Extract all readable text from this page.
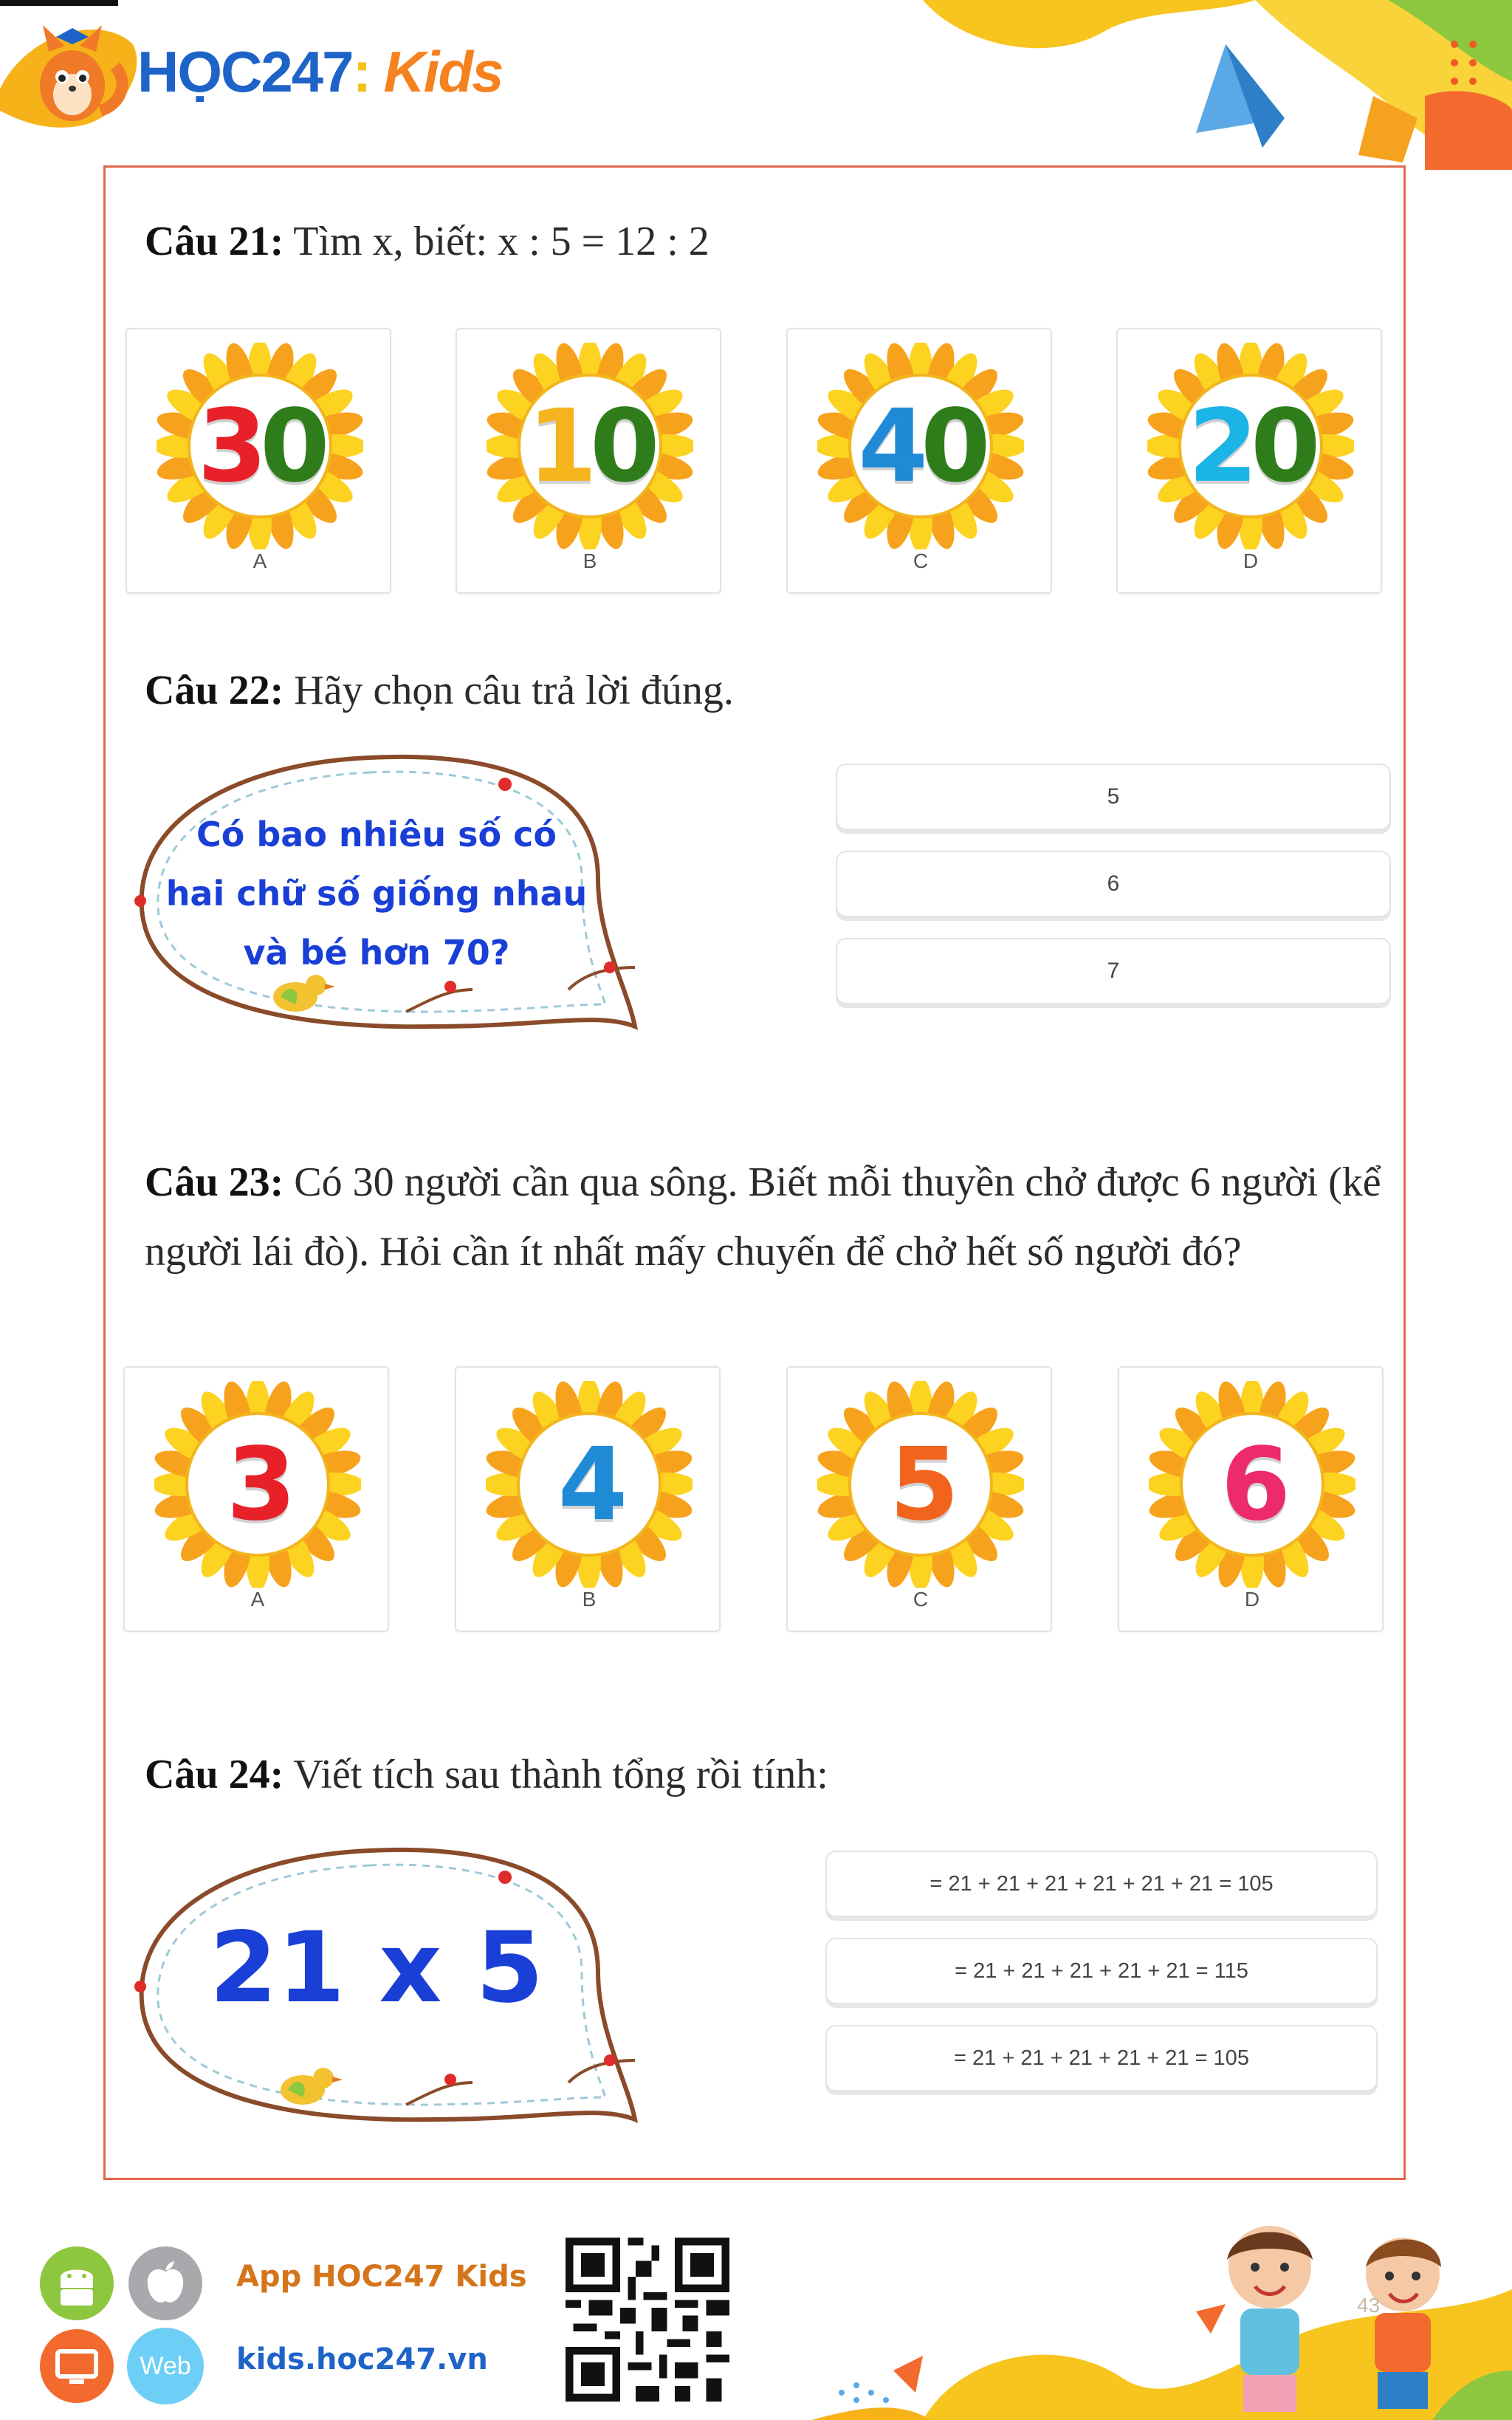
HỌC247: Kids
Câu 21: Tìm x, biết: x : 5 = 12 : 2
30
A
10
B
40
C
20
D
Câu 22: Hãy chọn câu trả lời đúng.
Có bao nhiêu số có
hai chữ số giống nhau
và bé hơn 70?
5
6
7
Câu 23: Có 30 người cần qua sông. Biết mỗi thuyền chở được 6 người (kể người lái đò). Hỏi cần ít nhất mấy chuyến để chở hết số người đó?
3
A
4
B
5
C
6
D
Câu 24: Viết tích sau thành tổng rồi tính:
21 x 5
= 21 + 21 + 21 + 21 + 21 + 21 = 105
= 21 + 21 + 21 + 21 + 21 = 115
= 21 + 21 + 21 + 21 + 21 = 105
Web
App HOC247 Kids
kids.hoc247.vn
43
